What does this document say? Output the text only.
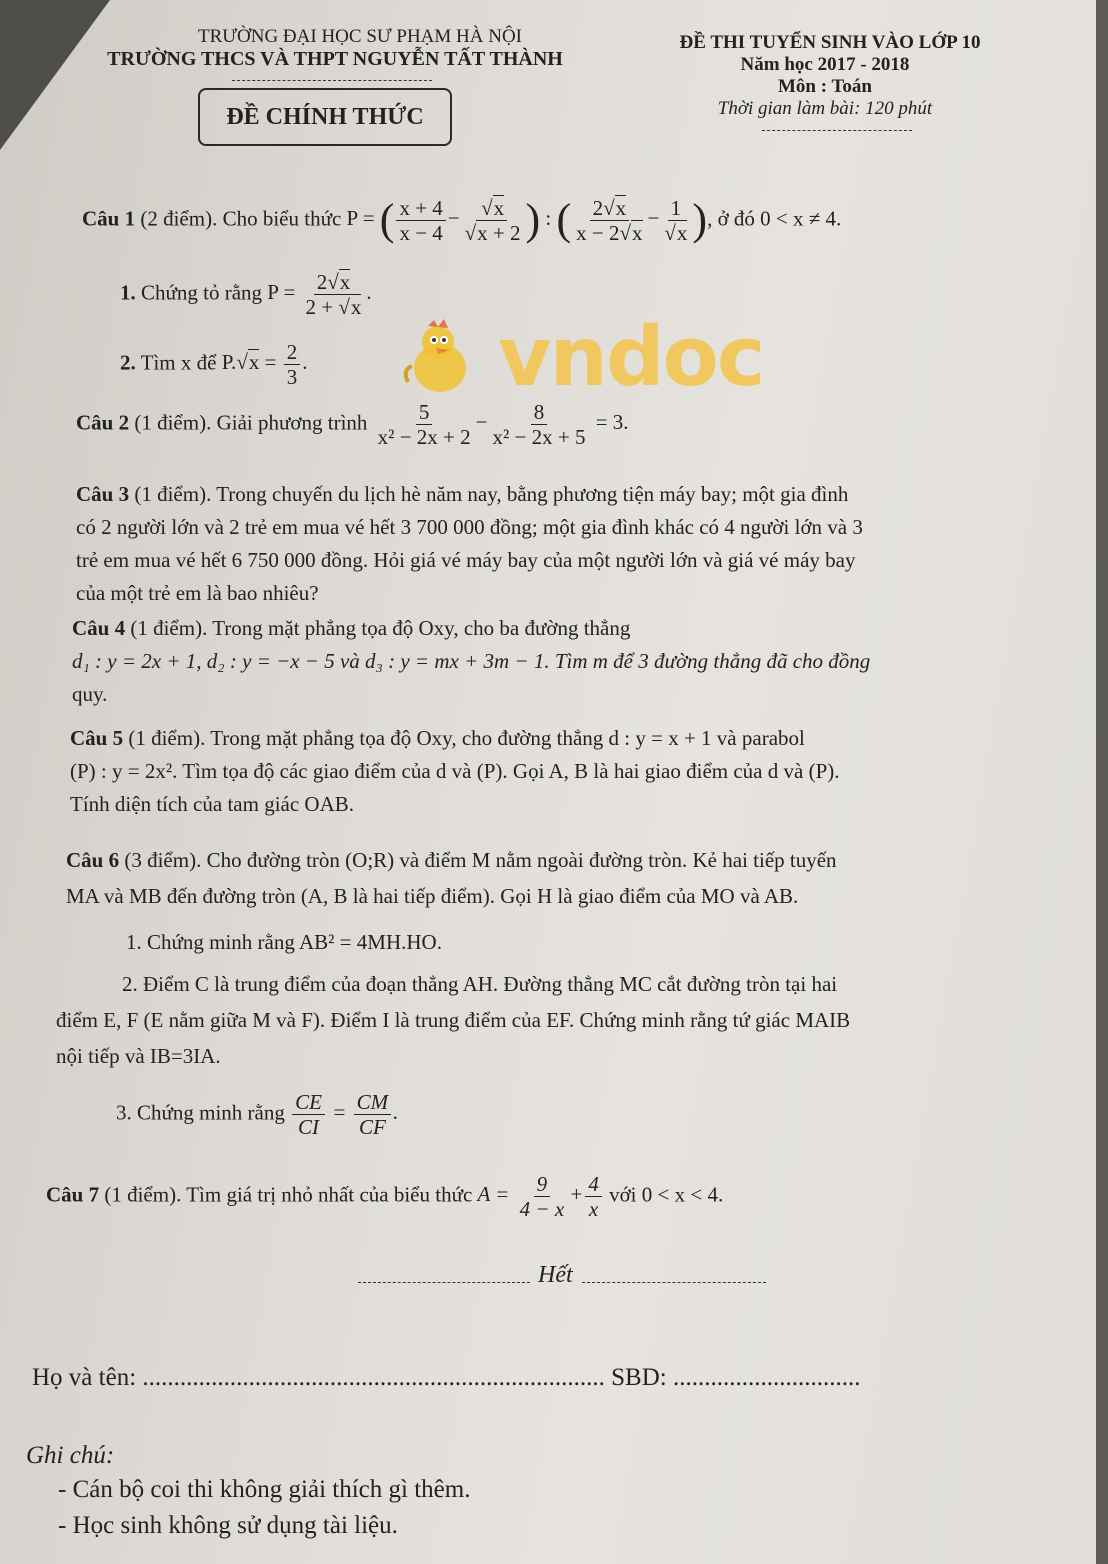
TRƯỜNG ĐẠI HỌC SƯ PHẠM HÀ NỘI
TRƯỜNG THCS VÀ THPT NGUYỄN TẤT THÀNH
ĐỀ CHÍNH THỨC
ĐỀ THI TUYỂN SINH VÀO LỚP 10
Năm học 2017 - 2018
Môn : Toán
Thời gian làm bài: 120 phút
vndoc
Câu 1 (2 điểm). Cho biểu thức P = ( $\frac{x + 4}{x - 4} - \frac{√x}{√x + 2}$ ) : ( $\frac{2√x}{x - 2√x} - \frac{1}{√x}$ ), ở đó 0 < x ≠ 4.
1. Chứng tỏ rằng $P = \frac{2√x}{2 + √x}$ .
2. Tìm x để $P.√x = \frac{2}{3}$ .
Câu 2 (1 điểm). Giải phương trình $\frac{5}{\text{x² − 2x + 2}} - \frac{8}{\text{x² − 2x + 5}} = 3$.
Câu 3 (1 điểm). Trong chuyến du lịch hè năm nay, bằng phương tiện máy bay; một gia đình
có 2 người lớn và 2 trẻ em mua vé hết 3 700 000 đồng; một gia đình khác có 4 người lớn và 3
trẻ em mua vé hết 6 750 000 đồng. Hỏi giá vé máy bay của một người lớn và giá vé máy bay
của một trẻ em là bao nhiêu?
Câu 4 (1 điểm). Trong mặt phẳng tọa độ Oxy, cho ba đường thẳng
d₁ : y = 2x + 1, d₂ : y = −x − 5 và d₃ : y = mx + 3m − 1. Tìm m để 3 đường thẳng đã cho đồng
quy.
Câu 5 (1 điểm). Trong mặt phẳng tọa độ Oxy, cho đường thẳng d : y = x + 1 và parabol
(P) : y = 2x². Tìm tọa độ các giao điểm của d và (P). Gọi A, B là hai giao điểm của d và (P).
Tính diện tích của tam giác OAB.
Câu 6 (3 điểm). Cho đường tròn (O;R) và điểm M nằm ngoài đường tròn. Kẻ hai tiếp tuyến
MA và MB đến đường tròn (A, B là hai tiếp điểm). Gọi H là giao điểm của MO và AB.
1. Chứng minh rằng AB² = 4MH.HO.
2. Điểm C là trung điểm của đoạn thẳng AH. Đường thẳng MC cắt đường tròn tại hai
điểm E, F (E nằm giữa M và F). Điểm I là trung điểm của EF. Chứng minh rằng tứ giác MAIB
nội tiếp và IB=3IA.
3. Chứng minh rằng $\frac{CE}{CI} = \frac{CM}{CF}$ .
Câu 7 (1 điểm). Tìm giá trị nhỏ nhất của biểu thức $A = \frac{9}{4 - x} + \frac{4}{x}$ với 0 < x < 4.
Hết
Họ và tên: .......................................................................... SBD: ..............................
Ghi chú:
- Cán bộ coi thi không giải thích gì thêm.
- Học sinh không sử dụng tài liệu.
